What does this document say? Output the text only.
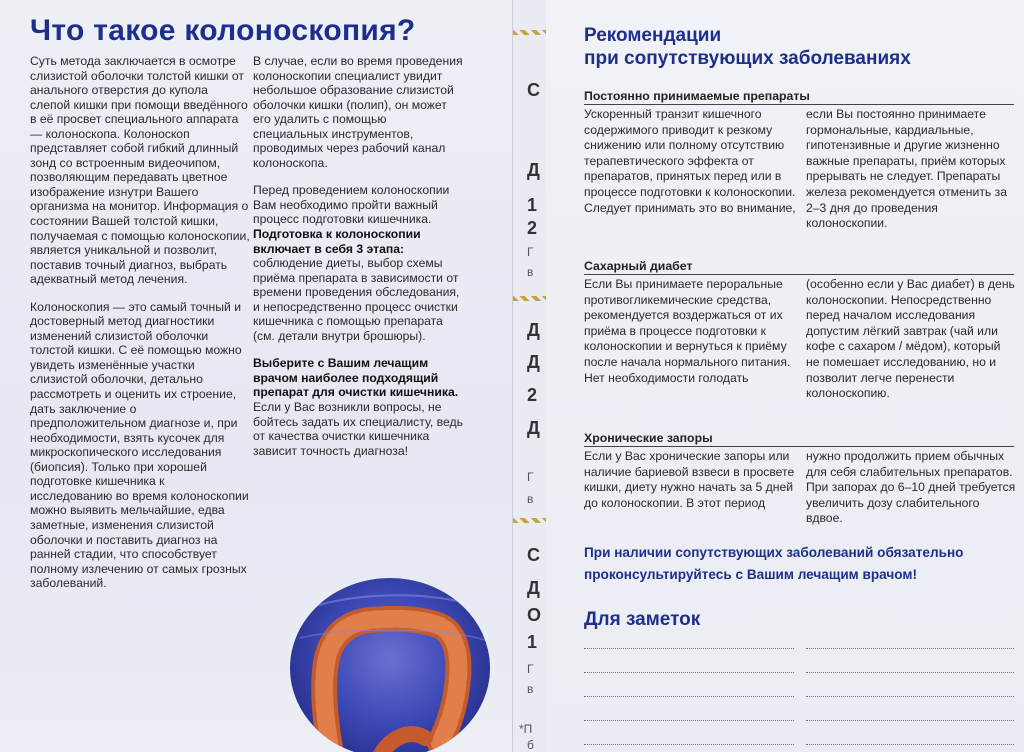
Что такое колоноскопия?

Суть метода заключается в осмотре слизистой оболочки толстой кишки от анального отверстия до купола слепой кишки при помощи введённого в её просвет специального аппарата — колоноскопа. Колоноскоп представляет собой гибкий длинный зонд со встроенным видеочипом, позволяющим передавать цветное изображение изнутри Вашего организма на монитор. Информация о состоянии Вашей толстой кишки, получаемая с помощью колоноскопии, является уникальной и позволит, поставив точный диагноз, выбрать адекватный метод лечения.

Колоноскопия — это самый точный и достоверный метод диагностики изменений слизистой оболочки толстой кишки. С её помощью можно увидеть изменённые участки слизистой оболочки, детально рассмотреть и оценить их строение, дать заключение о предположительном диагнозе и, при необходимости, взять кусочек для микроскопического исследования (биопсия). Только при хорошей подготовке кишечника к исследованию во время колоноскопии можно выявить мельчайшие, едва заметные, изменения слизистой оболочки и поставить диагноз на ранней стадии, что способствует полному излечению от самых грозных заболеваний.

В случае, если во время проведения колоноскопии специалист увидит небольшое образование слизистой оболочки кишки (полип), он может его удалить с помощью специальных инструментов, проводимых через рабочий канал колоноскопа.

Перед проведением колоноскопии Вам необходимо пройти важный процесс подготовки кишечника. Подготовка к колоноскопии включает в себя 3 этапа: соблюдение диеты, выбор схемы приёма препарата в зависимости от времени проведения обследования, и непосредственно процесс очистки кишечника с помощью препарата (см. детали внутри брошюры).

Выберите с Вашим лечащим врачом наиболее подходящий препарат для очистки кишечника. Если у Вас возникли вопросы, не бойтесь задать их специалисту, ведь от качества очистки кишечника зависит точность диагноза!

С
Д
1
2
Г
в
Д
Д
2
Д
Г
в
С
Д
О
1
Г
в
*П
б
Рекомендации
при сопутствующих заболеваниях
Постоянно принимаемые препараты
Ускоренный транзит кишечного содержимого приводит к резкому снижению или полному отсутствию терапевтического эффекта от препаратов, принятых перед или в процессе подготовки к колоноскопии. Следует принимать это во внимание,
если Вы постоянно принимаете гормональные, кардиальные, гипотензивные и другие жизненно важные препараты, приём которых прерывать не следует. Препараты железа рекомендуется отменить за 2–3 дня до проведения колоноскопии.
Сахарный диабет
Если Вы принимаете пероральные противогликемические средства, рекомендуется воздержаться от их приёма в процессе подготовки к колоноскопии и вернуться к приёму после начала нормального питания. Нет необходимости голодать
(особенно если у Вас диабет) в день колоноскопии. Непосредственно перед началом исследования допустим лёгкий завтрак (чай или кофе с сахаром / мёдом), который не помешает исследованию, но и позволит легче перенести колоноскопию.
Хронические запоры
Если у Вас хронические запоры или наличие бариевой взвеси в просвете кишки, диету нужно начать за 5 дней до колоноскопии. В этот период
нужно продолжить прием обычных для себя слабительных препаратов. При запорах до 6–10 дней требуется увеличить дозу слабительного вдвое.
При наличии сопутствующих заболеваний обязательно проконсультируйтесь с Вашим лечащим врачом!
Для заметок
